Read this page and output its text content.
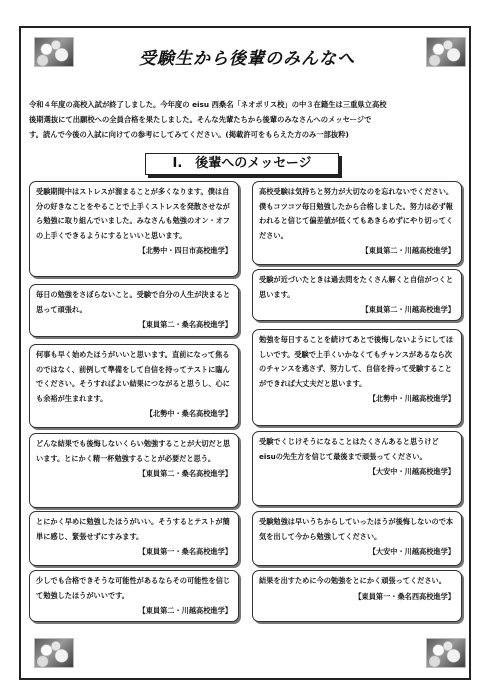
受験生から後輩のみんなへ

令和４年度の高校入試が終了しました。今年度の eisu 西桑名「ネオポリス校」の中３在籍生は三重県立高校

後期選抜にて出願校への全員合格を果たしました。そんな先輩たちから後輩のみなさんへのメッセージで

す。読んで今後の入試に向けての参考にしてみてください。(掲載許可をもらえた方のみ一部抜粋)

Ⅰ.　後輩へのメッセージ

受験期間中はストレスが溜まることが多くなります。僕は自分の好きなことをやることで上手くストレスを発散させながら勉強に取り組んでいました。みなさんも勉強のオン・オフの上手くできるようにするといいと思います。

【北勢中・四日市高校進学】

毎日の勉強をさぼらないこと。受験で自分の人生が決まると思って頑張れ。

【東員第二・桑名高校進学】

何事も早く始めたほうがいいと思います。直前になって焦るのではなく、前例して準備をして自信を持ってテストに臨んでください。そうすればよい結果につながると思うし、心にも余裕が生まれます。

【北勢中・桑名高校進学】

どんな結果でも後悔しないくらい勉強することが大切だと思います。とにかく精一杯勉強することが必要だと思う。

【東員第二・桑名高校進学】

とにかく早めに勉強したほうがいい。そうするとテストが簡単に感じ、緊張せずにすみます。

【東員第一・桑名高校進学】

少しでも合格できそうな可能性があるならその可能性を信じて勉強したほうがいいです。

【東員第二・川越高校進学】

高校受験は気持ちと努力が大切なのを忘れないでください。僕もコツコツ毎日勉強したから合格しました。努力は必ず報われると信じて偏差値が低くてもあきらめずにやり切ってください。

【東員第二・川越高校進学】

受験が近づいたときは過去問をたくさん解くと自信がつくと思います。

【東員第二・川越高校進学】

勉強を毎日することを続けてあとで後悔しないようにしてほしいです。受験で上手くいかなくてもチャンスがあるなら次のチャンスを逃さず、努力して、自信を持って受験することができれば大丈夫だと思います。

【北勢中・川越高校進学】

受験でくじけそうになることはたくさんあると思うけどeisuの先生方を信じて最後まで頑張ってください。

【大安中・川越高校進学】

受験勉強は早いうちからしていったほうが後悔しないので本気を出して今から勉強してください。

【大安中・川越高校進学】

結果を出すために今の勉強をとにかく頑張ってください。

【東員第一・桑名西高校進学】
